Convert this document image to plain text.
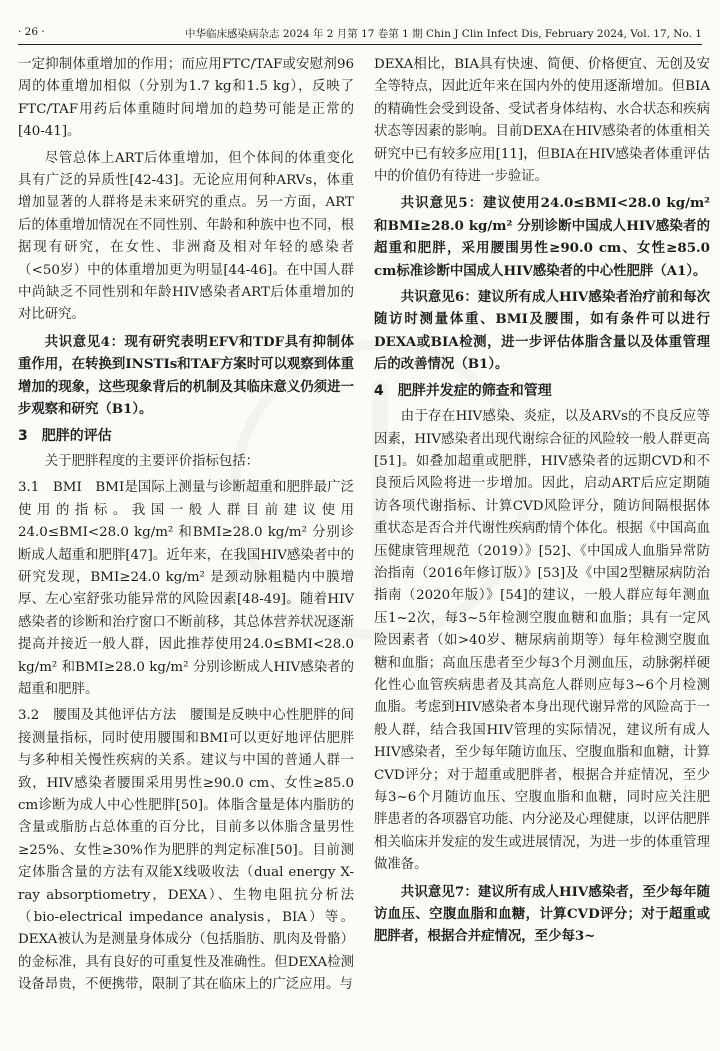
· 26 ·	中华临床感染病杂志 2024 年 2 月第 17 卷第 1 期 Chin J Clin Infect Dis, February 2024, Vol. 17, No. 1

一定抑制体重增加的作用；而应用FTC/TAF或安慰剂96周的体重增加相似（分别为1.7 kg和1.5 kg），反映了FTC/TAF用药后体重随时间增加的趋势可能是正常的[40-41]。

尽管总体上ART后体重增加，但个体间的体重变化具有广泛的异质性[42-43]。无论应用何种ARVs，体重增加显著的人群将是未来研究的重点。另一方面，ART后的体重增加情况在不同性别、年龄和种族中也不同，根据现有研究，在女性、非洲裔及相对年轻的感染者（<50岁）中的体重增加更为明显[44-46]。在中国人群中尚缺乏不同性别和年龄HIV感染者ART后体重增加的对比研究。

共识意见4：现有研究表明EFV和TDF具有抑制体重作用，在转换到INSTIs和TAF方案时可以观察到体重增加的现象，这些现象背后的机制及其临床意义仍须进一步观察和研究（B1）。

3　肥胖的评估

关于肥胖程度的主要评价指标包括：

3.1　BMI　BMI是国际上测量与诊断超重和肥胖最广泛使用的指标。我国一般人群目前建议使用24.0≤BMI<28.0 kg/m² 和BMI≥28.0 kg/m² 分别诊断成人超重和肥胖[47]。近年来，在我国HIV感染者中的研究发现，BMI≥24.0 kg/m² 是颈动脉粗糙内中膜增厚、左心室舒张功能异常的风险因素[48-49]。随着HIV感染者的诊断和治疗窗口不断前移，其总体营养状况逐渐提高并接近一般人群，因此推荐使用24.0≤BMI<28.0 kg/m² 和BMI≥28.0 kg/m² 分别诊断成人HIV感染者的超重和肥胖。

3.2　腰围及其他评估方法　腰围是反映中心性肥胖的间接测量指标，同时使用腰围和BMI可以更好地评估肥胖与多种相关慢性疾病的关系。建议与中国的普通人群一致，HIV感染者腰围采用男性≥90.0 cm、女性≥85.0 cm诊断为成人中心性肥胖[50]。体脂含量是体内脂肪的含量或脂肪占总体重的百分比，目前多以体脂含量男性≥25%、女性≥30%作为肥胖的判定标准[50]。目前测定体脂含量的方法有双能X线吸收法（dual energy X-ray absorptiometry，DEXA）、生物电阻抗分析法（bio-electrical impedance analysis，BIA）等。DEXA被认为是测量身体成分（包括脂肪、肌肉及骨骼）的金标准，具有良好的可重复性及准确性。但DEXA检测设备昂贵，不便携带，限制了其在临床上的广泛应用。与

DEXA相比，BIA具有快速、简便、价格便宜、无创及安全等特点，因此近年来在国内外的使用逐渐增加。但BIA的精确性会受到设备、受试者身体结构、水合状态和疾病状态等因素的影响。目前DEXA在HIV感染者的体重相关研究中已有较多应用[11]，但BIA在HIV感染者体重评估中的价值仍有待进一步验证。

共识意见5：建议使用24.0≤BMI<28.0 kg/m² 和BMI≥28.0 kg/m² 分别诊断中国成人HIV感染者的超重和肥胖，采用腰围男性≥90.0 cm、女性≥85.0 cm标准诊断中国成人HIV感染者的中心性肥胖（A1）。

共识意见6：建议所有成人HIV感染者治疗前和每次随访时测量体重、BMI及腰围，如有条件可以进行DEXA或BIA检测，进一步评估体脂含量以及体重管理后的改善情况（B1）。

4　肥胖并发症的筛查和管理

由于存在HIV感染、炎症，以及ARVs的不良反应等因素，HIV感染者出现代谢综合征的风险较一般人群更高[51]。如叠加超重或肥胖，HIV感染者的远期CVD和不良预后风险将进一步增加。因此，启动ART后应定期随访各项代谢指标、计算CVD风险评分，随访间隔根据体重状态是否合并代谢性疾病酌情个体化。根据《中国高血压健康管理规范（2019）》[52]、《中国成人血脂异常防治指南（2016年修订版）》[53]及《中国2型糖尿病防治指南（2020年版）》[54]的建议，一般人群应每年测血压1~2次，每3~5年检测空腹血糖和血脂；具有一定风险因素者（如>40岁、糖尿病前期等）每年检测空腹血糖和血脂；高血压患者至少每3个月测血压，动脉粥样硬化性心血管疾病患者及其高危人群则应每3~6个月检测血脂。考虑到HIV感染者本身出现代谢异常的风险高于一般人群，结合我国HIV管理的实际情况，建议所有成人HIV感染者，至少每年随访血压、空腹血脂和血糖，计算CVD评分；对于超重或肥胖者，根据合并症情况，至少每3~6个月随访血压、空腹血脂和血糖，同时应关注肥胖患者的各项器官功能、内分泌及心理健康，以评估肥胖相关临床并发症的发生或进展情况，为进一步的体重管理做准备。

共识意见7：建议所有成人HIV感染者，至少每年随访血压、空腹血脂和血糖，计算CVD评分；对于超重或肥胖者，根据合并症情况，至少每3~
